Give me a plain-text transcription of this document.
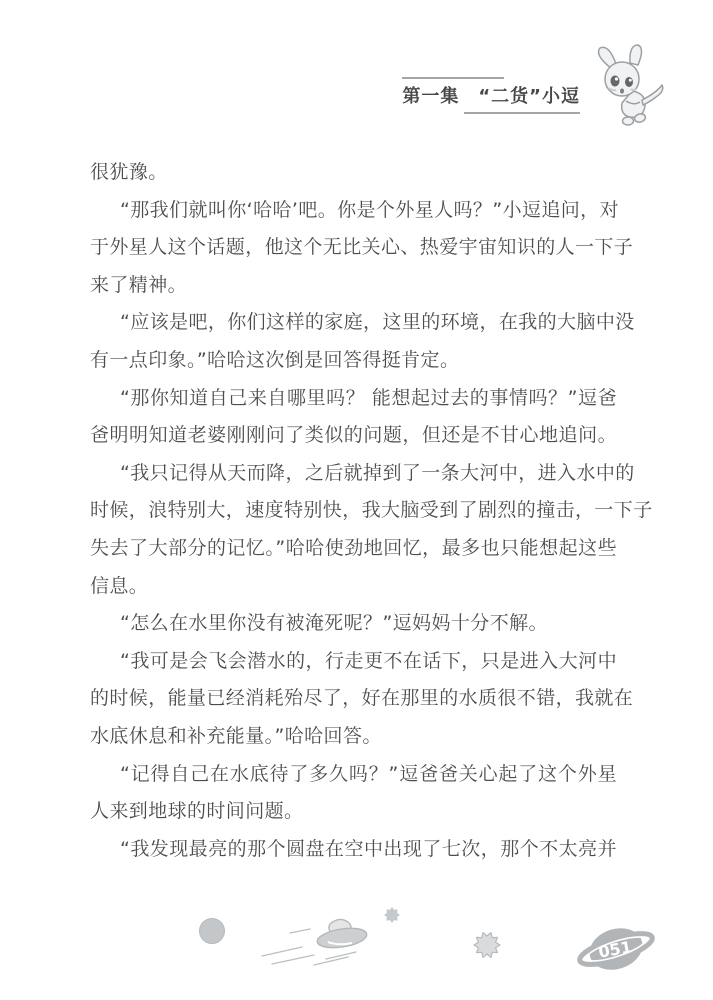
第一集　“二货”小逗
很犹豫。
“那我们就叫你‘哈哈’吧。你是个外星人吗？”小逗追问，对
于外星人这个话题，他这个无比关心、热爱宇宙知识的人一下子
来了精神。
“应该是吧，你们这样的家庭，这里的环境，在我的大脑中没
有一点印象。”哈哈这次倒是回答得挺肯定。
“那你知道自己来自哪里吗？ 能想起过去的事情吗？”逗爸
爸明明知道老婆刚刚问了类似的问题，但还是不甘心地追问。
“我只记得从天而降，之后就掉到了一条大河中，进入水中的
时候，浪特别大，速度特别快，我大脑受到了剧烈的撞击，一下子
失去了大部分的记忆。”哈哈使劲地回忆，最多也只能想起这些
信息。
“怎么在水里你没有被淹死呢？”逗妈妈十分不解。
“我可是会飞会潜水的，行走更不在话下，只是进入大河中
的时候，能量已经消耗殆尽了，好在那里的水质很不错，我就在
水底休息和补充能量。”哈哈回答。
“记得自己在水底待了多久吗？”逗爸爸关心起了这个外星
人来到地球的时间问题。
“我发现最亮的那个圆盘在空中出现了七次，那个不太亮并
051
